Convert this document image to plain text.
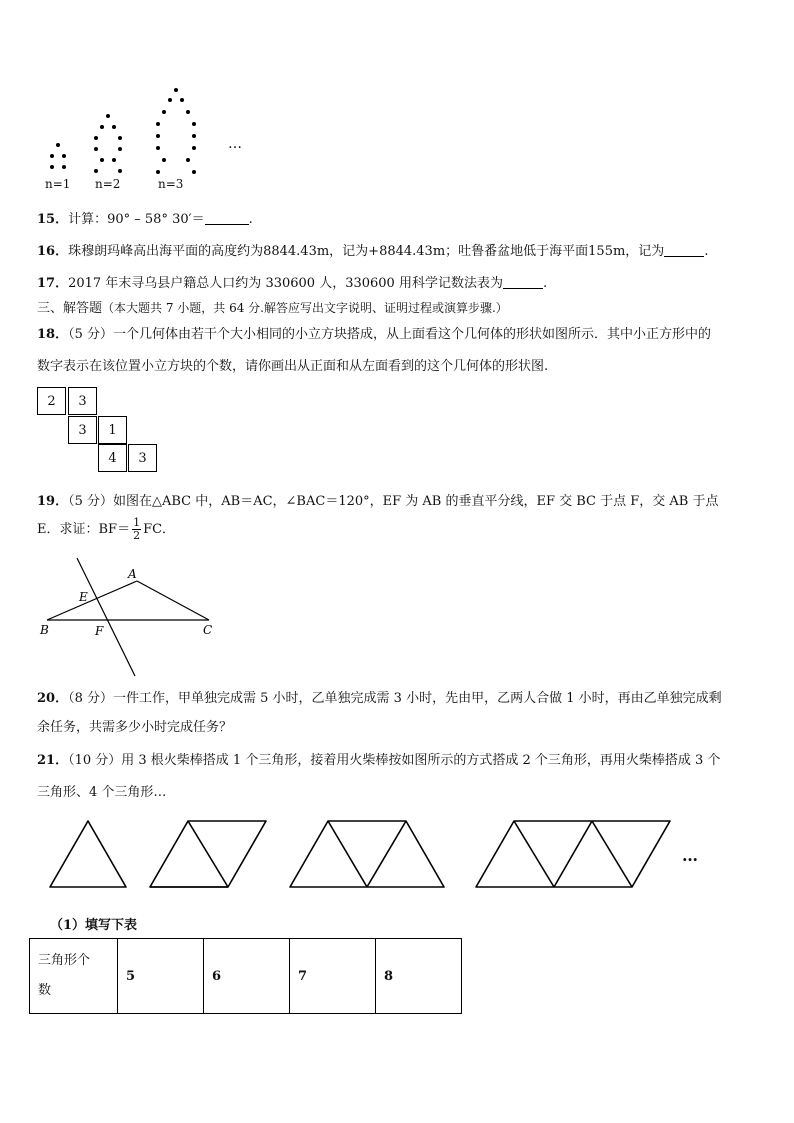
n=1 n=2	n=3
…
15．计算：90° – 58° 30′＝	.
16．珠穆朗玛峰高出海平面的高度约为8844.43m，记为+8844.43m；吐鲁番盆地低于海平面155m，记为	.
17．2017 年末寻乌县户籍总人口约为 330600 人，330600 用科学记数法表为	.
三、解答题（本大题共 7 小题，共 64 分.解答应写出文字说明、证明过程或演算步骤.）
18．（5 分）一个几何体由若干个大小相同的小立方块搭成，从上面看这个几何体的形状如图所示．其中小正方形中的
数字表示在该位置小立方块的个数，请你画出从正面和从左面看到的这个几何体的形状图.
2	3
3	1
4	3
19．（5 分）如图在△ABC 中，AB＝AC，∠BAC＝120°，EF 为 AB 的垂直平分线，EF 交 BC 于点 F，交 AB 于点
E．求证：$BF= \frac{1}{2}$ FC．
A
E
B	F	C
20．（8 分）一件工作，甲单独完成需 5 小时，乙单独完成需 3 小时，先由甲，乙两人合做 1 小时，再由乙单独完成剩
余任务，共需多少小时完成任务？
21．（10 分）用 3 根火柴棒搭成 1 个三角形，接着用火柴棒按如图所示的方式搭成 2 个三角形，再用火柴棒搭成 3 个
三角形、4 个三角形…
…
（1）填写下表
三角形个
数	5	6	7	8
